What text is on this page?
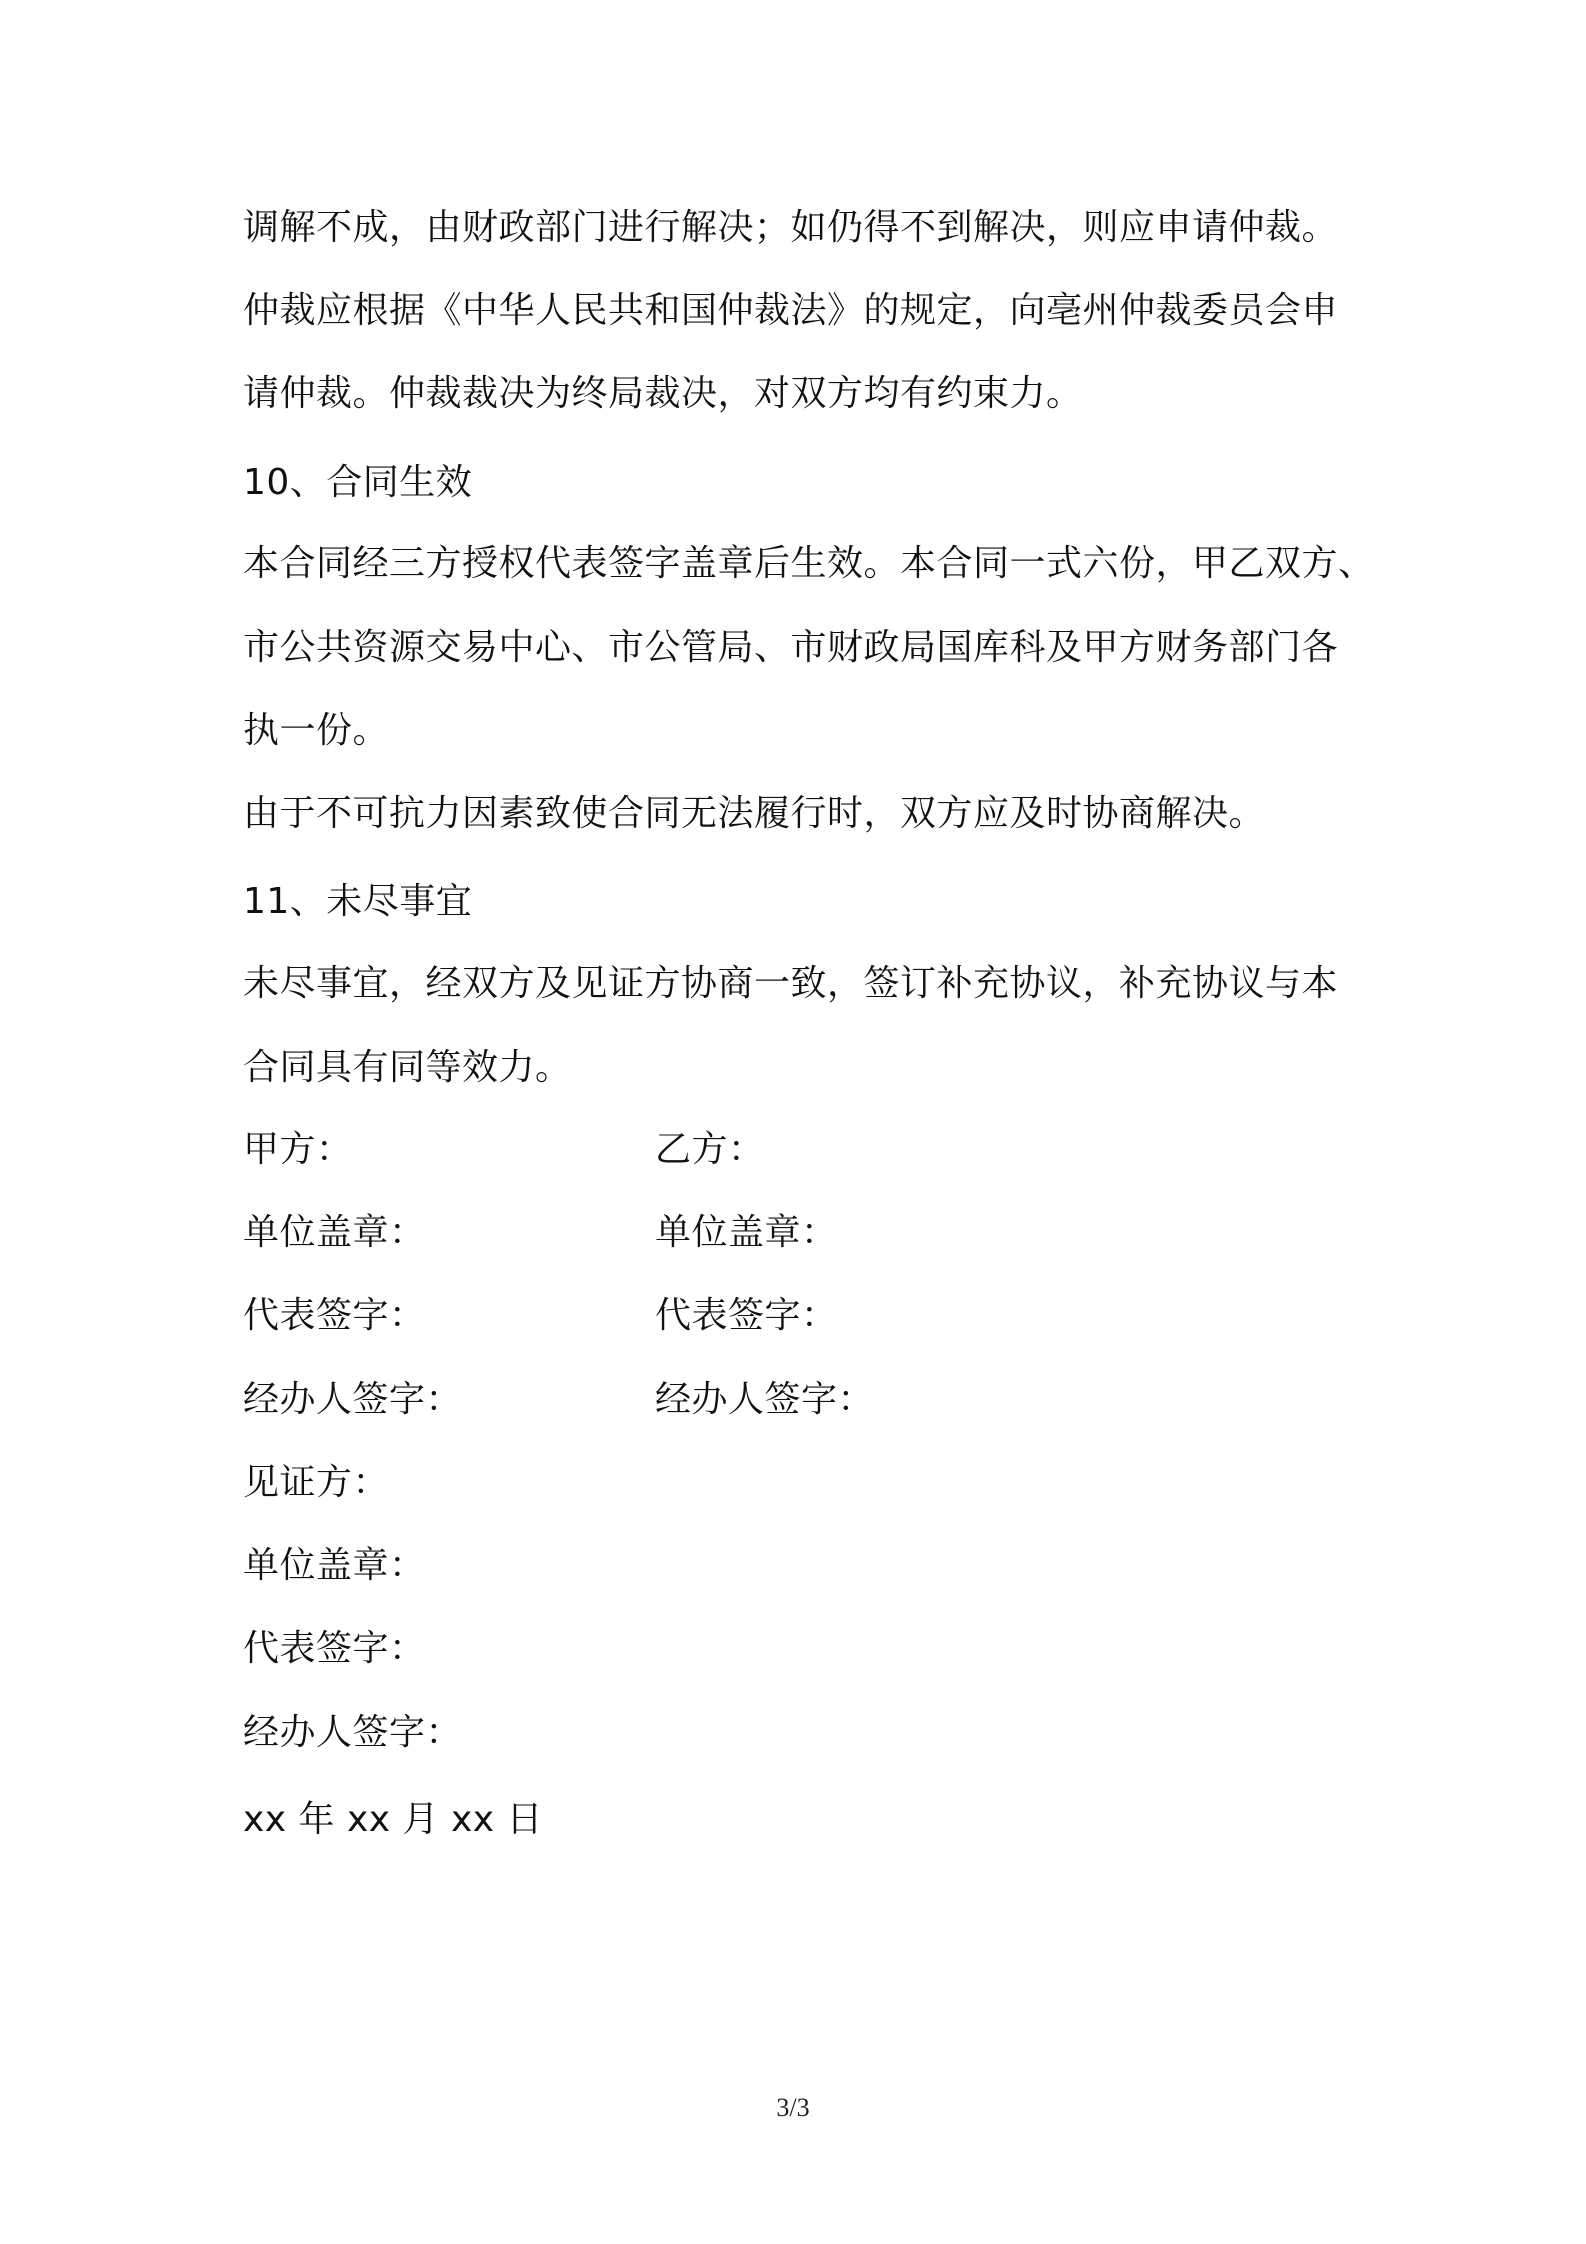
调解不成，由财政部门进行解决；如仍得不到解决，则应申请仲裁。
仲裁应根据《中华人民共和国仲裁法》的规定，向亳州仲裁委员会申
请仲裁。仲裁裁决为终局裁决，对双方均有约束力。
10、合同生效
本合同经三方授权代表签字盖章后生效。本合同一式六份，甲乙双方、
市公共资源交易中心、市公管局、市财政局国库科及甲方财务部门各
执一份。
由于不可抗力因素致使合同无法履行时，双方应及时协商解决。
11、未尽事宜
未尽事宜，经双方及见证方协商一致，签订补充协议，补充协议与本
合同具有同等效力。
甲方：	乙方：
单位盖章：	单位盖章：
代表签字：	代表签字：
经办人签字：	经办人签字：
见证方：
单位盖章：
代表签字：
经办人签字：
xx 年 xx 月 xx 日
3/3
